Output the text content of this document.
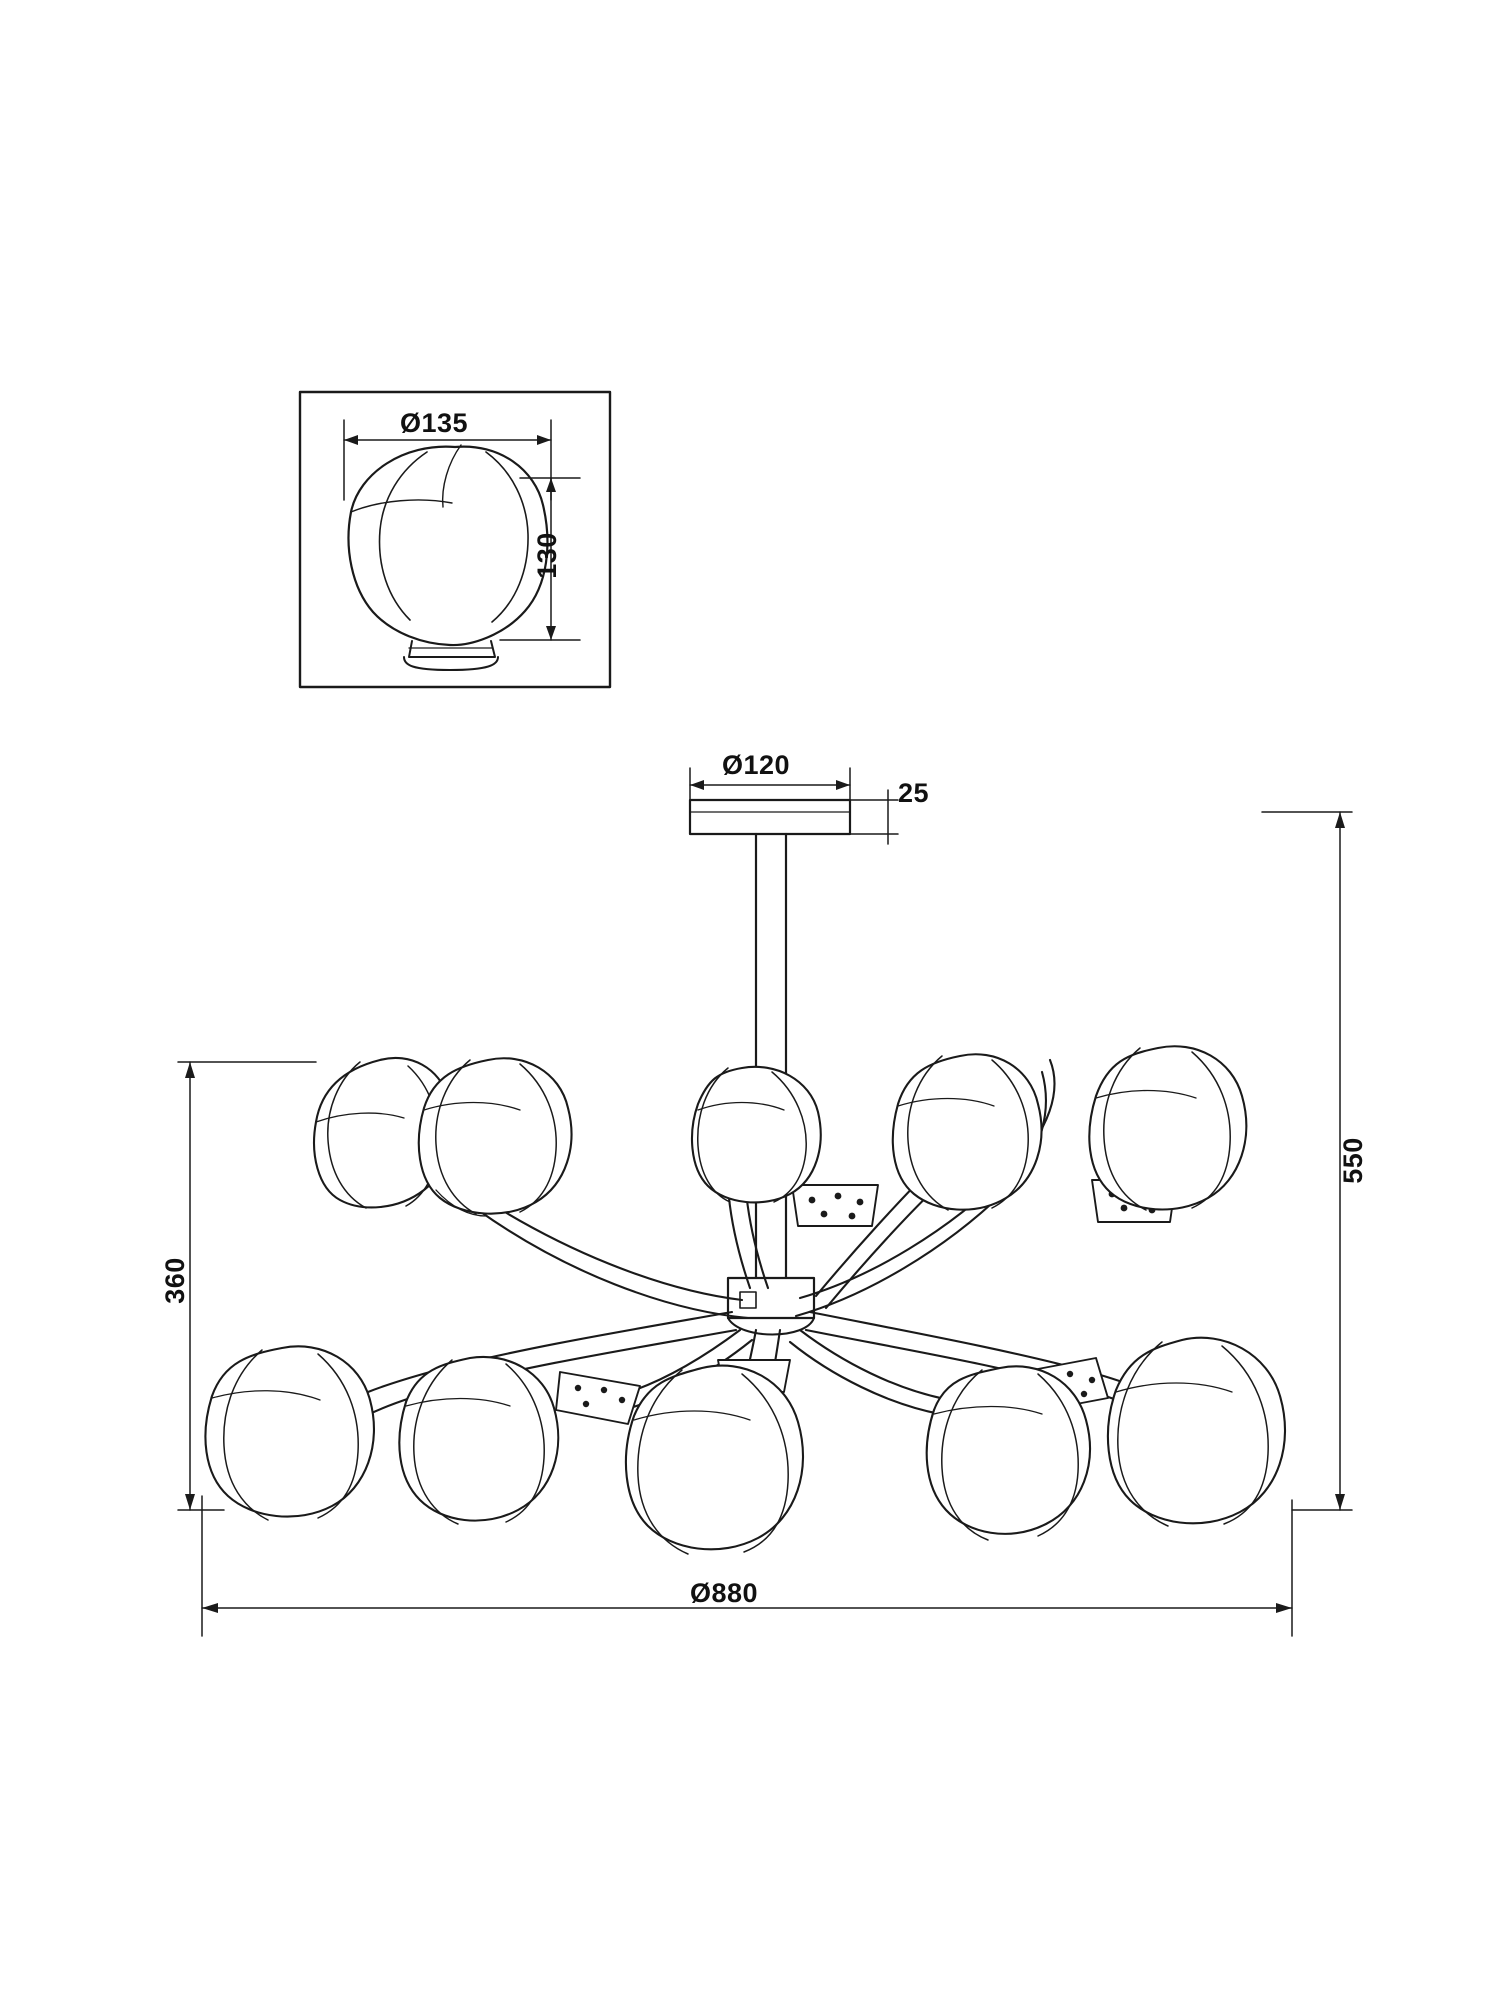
Ø135
130
Ø120
25
550
360
Ø880
